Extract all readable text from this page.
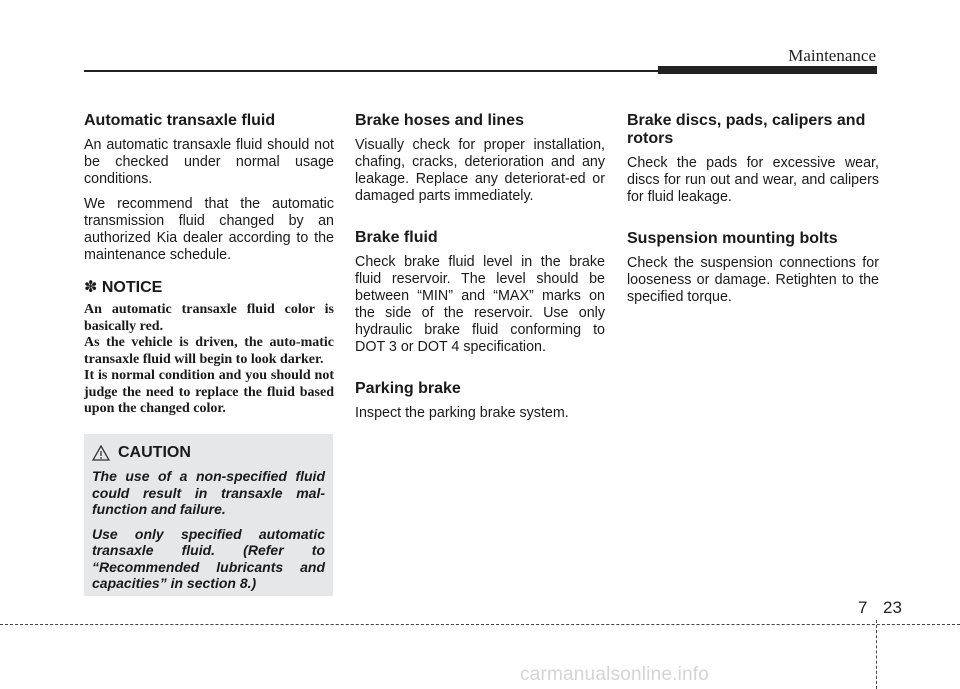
Maintenance
Automatic transaxle fluid

An automatic transaxle fluid should not be checked under normal usage conditions.

We recommend that the automatic transmission fluid changed by an authorized Kia dealer according to the maintenance schedule.

✽ NOTICE

An automatic transaxle fluid color is basically red.

As the vehicle is driven, the auto-matic transaxle fluid will begin to look darker.

It is normal condition and you should not judge the need to replace the fluid based upon the changed color.

CAUTION

The use of a non-specified fluid could result in transaxle mal-function and failure.

Use only specified automatic transaxle fluid. (Refer to “Recommended lubricants and capacities” in section 8.)

Brake hoses and lines

Visually check for proper installation, chafing, cracks, deterioration and any leakage. Replace any deteriorat-ed or damaged parts immediately.

Brake fluid

Check brake fluid level in the brake fluid reservoir. The level should be between “MIN” and “MAX” marks on the side of the reservoir. Use only hydraulic brake fluid conforming to DOT 3 or DOT 4 specification.

Parking brake

Inspect the parking brake system.

Brake discs, pads, calipers and rotors

Check the pads for excessive wear, discs for run out and wear, and calipers for fluid leakage.

Suspension mounting bolts

Check the suspension connections for looseness or damage. Retighten to the specified torque.

7 23
carmanualsonline.info
